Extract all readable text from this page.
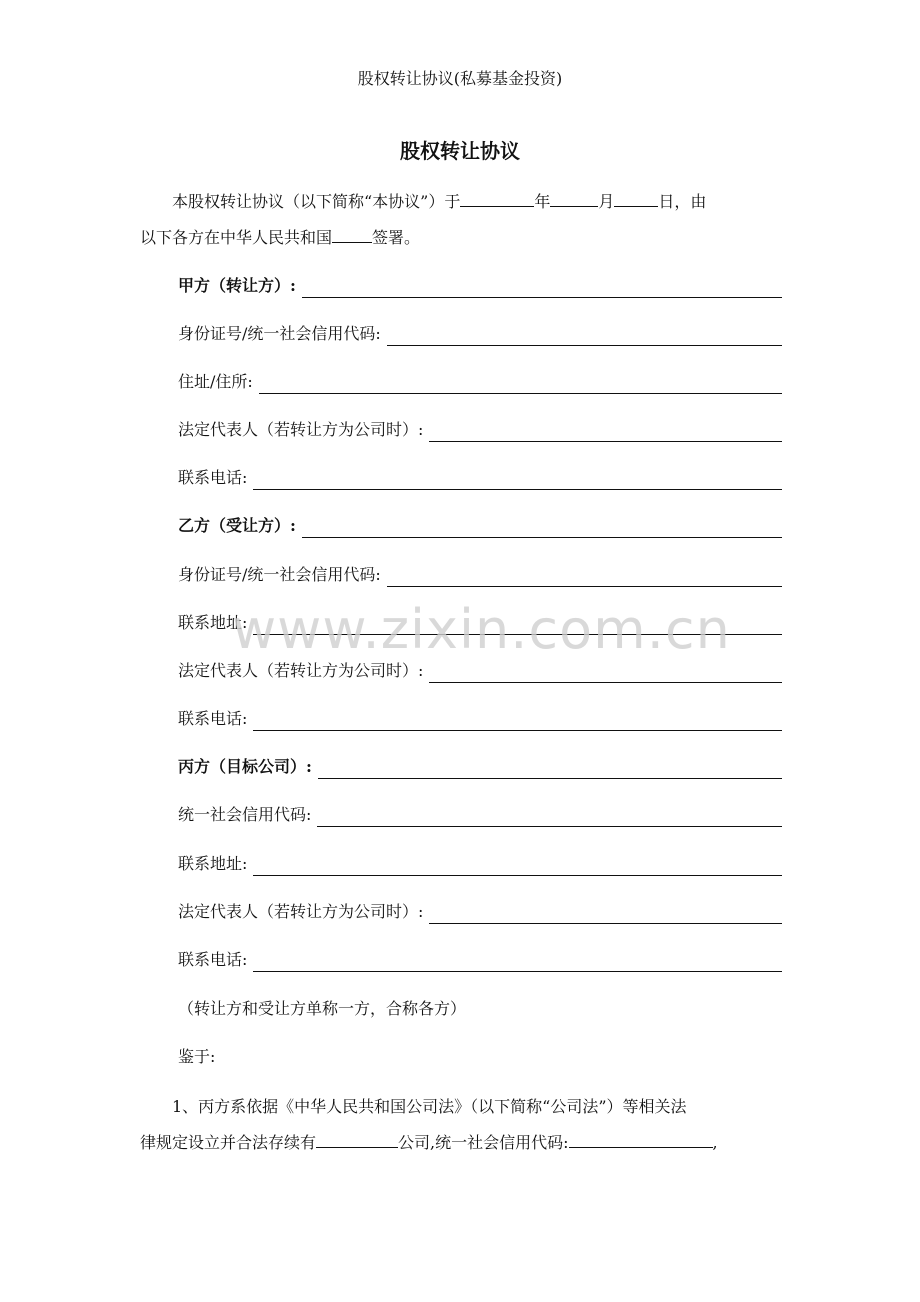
股权转让协议(私募基金投资)
股权转让协议
本股权转让协议（以下简称“本协议”）于	年	月	日，由
以下各方在中华人民共和国	签署。
甲方（转让方）:
身份证号/统一社会信用代码:
住址/住所:
法定代表人（若转让方为公司时）:
联系电话:
乙方（受让方）:
身份证号/统一社会信用代码:
联系地址:
法定代表人（若转让方为公司时）:
联系电话:
丙方（目标公司）:
统一社会信用代码:
联系地址:
法定代表人（若转让方为公司时）:
联系电话:
（转让方和受让方单称一方，合称各方）
鉴于:
1、丙方系依据《中华人民共和国公司法》（以下简称“公司法”）等相关法
律规定设立并合法存续有	公司,统一社会信用代码:	,
www.zixin.com.cn
